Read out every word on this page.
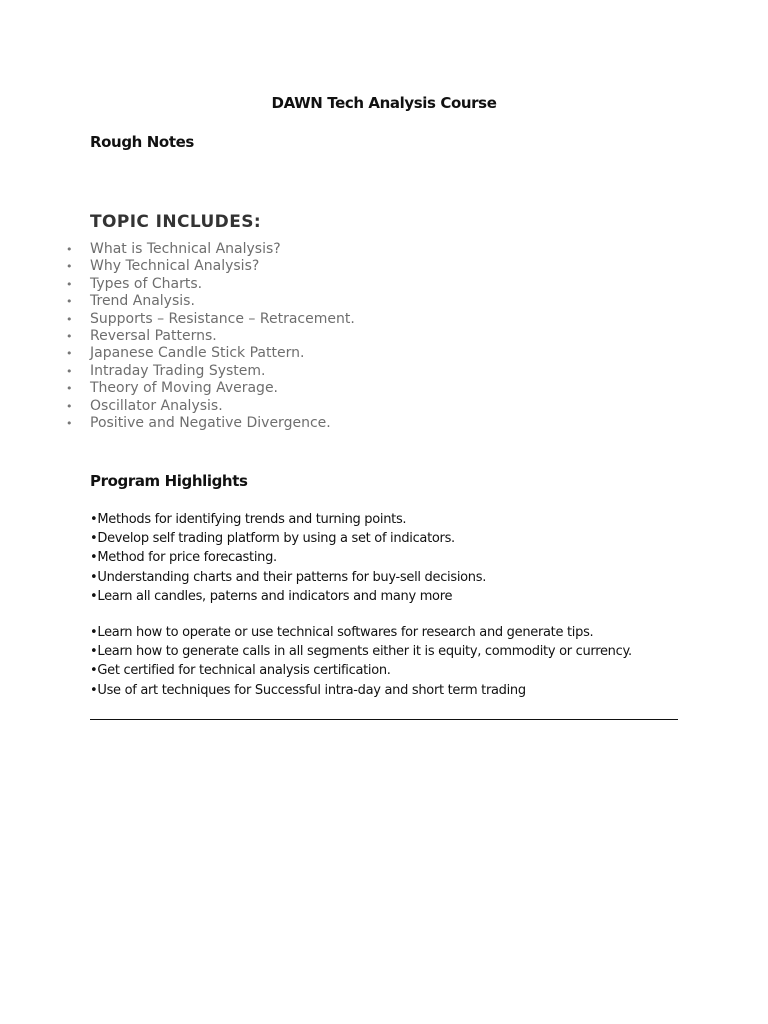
DAWN Tech Analysis Course
Rough Notes
TOPIC INCLUDES:
• What is Technical Analysis?
• Why Technical Analysis?
• Types of Charts.
• Trend Analysis.
• Supports – Resistance – Retracement.
• Reversal Patterns.
• Japanese Candle Stick Pattern.
• Intraday Trading System.
• Theory of Moving Average.
• Oscillator Analysis.
• Positive and Negative Divergence.
Program Highlights
•Methods for identifying trends and turning points.
•Develop self trading platform by using a set of indicators.
•Method for price forecasting.
•Understanding charts and their patterns for buy-sell decisions.
•Learn all candles, paterns and indicators and many more
•Learn how to operate or use technical softwares for research and generate tips.
•Learn how to generate calls in all segments either it is equity, commodity or currency.
•Get certified for technical analysis certification.
•Use of art techniques for Successful intra-day and short term trading
